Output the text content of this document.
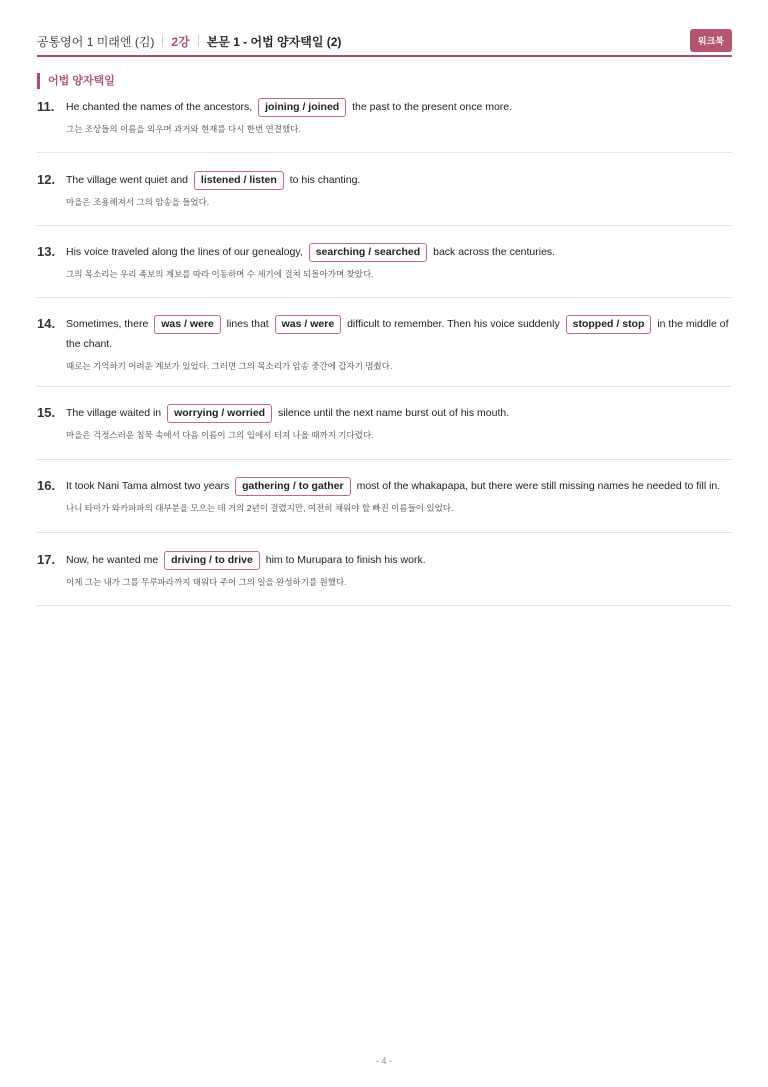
공통영어 1 미래엔 (김) 2강 본문 1 - 어법 양자택일 (2)	워크북
어법 양자택일
11. He chanted the names of the ancestors, joining / joined the past to the present once more.
그는 조상들의 이름을 외우며 과거와 현재를 다시 한번 연결했다.
12. The village went quiet and listened / listen to his chanting.
마을은 조용해져서 그의 암송을 들었다.
13. His voice traveled along the lines of our genealogy, searching / searched back across the centuries.
그의 목소리는 우리 족보의 계보를 따라 이동하며 수 세기에 걸쳐 되돌아가며 찾았다.
14. Sometimes, there was / were lines that was / were difficult to remember. Then his voice suddenly stopped / stop in the middle of the chant.
때로는 기억하기 어려운 계보가 있었다. 그러면 그의 목소리가 암송 중간에 갑자기 멈췄다.
15. The village waited in worrying / worried silence until the next name burst out of his mouth.
마을은 걱정스러운 침묵 속에서 다음 이름이 그의 입에서 터져 나올 때까지 기다렸다.
16. It took Nani Tama almost two years gathering / to gather most of the whakapapa, but there were still missing names he needed to fill in.
나니 타마가 와카파파의 대부분을 모으는 데 거의 2년이 걸렸지만, 여전히 채워야 할 빠진 이름들이 있었다.
17. Now, he wanted me driving / to drive him to Murupara to finish his work.
이제 그는 내가 그를 무루파라까지 태워다 주어 그의 일을 완성하기를 원했다.
- 4 -
